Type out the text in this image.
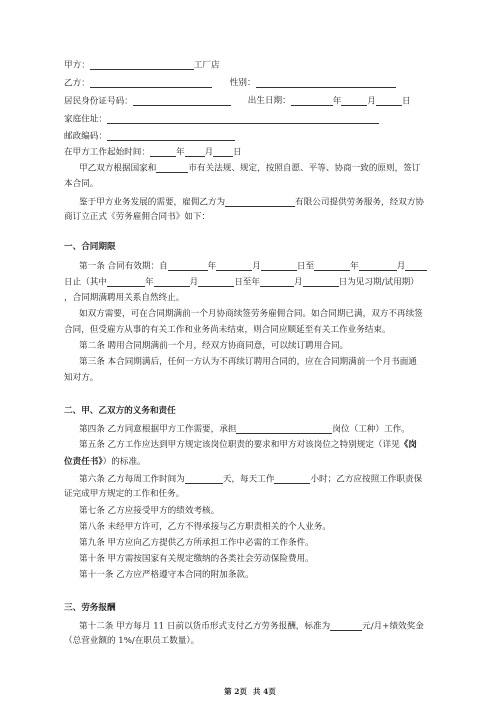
甲方：	工厂店
乙方：	性别：
居民身份证号码：	出生日期：	年	月	日
家庭住址：
邮政编码：
在甲方工作起始时间：	年 月 日
甲乙双方根据国家和	市有关法规、规定，按照自愿、平等、协商一致的原则，签订
本合同。
鉴于甲方业务发展的需要，雇佣乙方为	有限公司提供劳务服务，经双方协
商订立正式《劳务雇佣合同书》如下：
一、合同期限
第一条 合同有效期：自	年	月	日至	年	月
日止（其中	年	月	日至年	月	日为见习期/试用期）
，合同期满聘用关系自然终止。
如双方需要，可在合同期满前一个月协商续签劳务雇佣合同。如合同期已满，双方不再续签
合同，但受雇方从事的有关工作和业务尚未结束，则合同应顺延至有关工作业务结束。
第二条 聘用合同期满前一个月，经双方协商同意，可以续订聘用合同。
第三条 本合同期满后，任何一方认为不再续订聘用合同的，应在合同期满前一个月书面通
知对方。
二、甲、乙双方的义务和责任
第四条 乙方同意根据甲方工作需要，承担	岗位（工种）工作。
第五条 乙方工作应达到甲方规定该岗位职责的要求和甲方对该岗位之特别规定（详见《岗
位责任书》）的标准。
第六条 乙方每周工作时间为	天，每天工作	小时；乙方应按照工作职责保
证完成甲方规定的工作和任务。
第七条 乙方应接受甲方的绩效考核。
第八条 未经甲方许可，乙方不得承接与乙方职责相关的个人业务。
第九条 甲方应向乙方提供乙方所承担工作中必需的工作条件。
第十条 甲方需按国家有关规定缴纳的各类社会劳动保险费用。
第十一条 乙方应严格遵守本合同的附加条款。
三、劳务报酬
第十二条 甲方每月 11 日前以货币形式支付乙方劳务报酬，标准为	元/月+绩效奖金
（总营业额的 1%/在职员工数量）。
第 2页 共 4页
